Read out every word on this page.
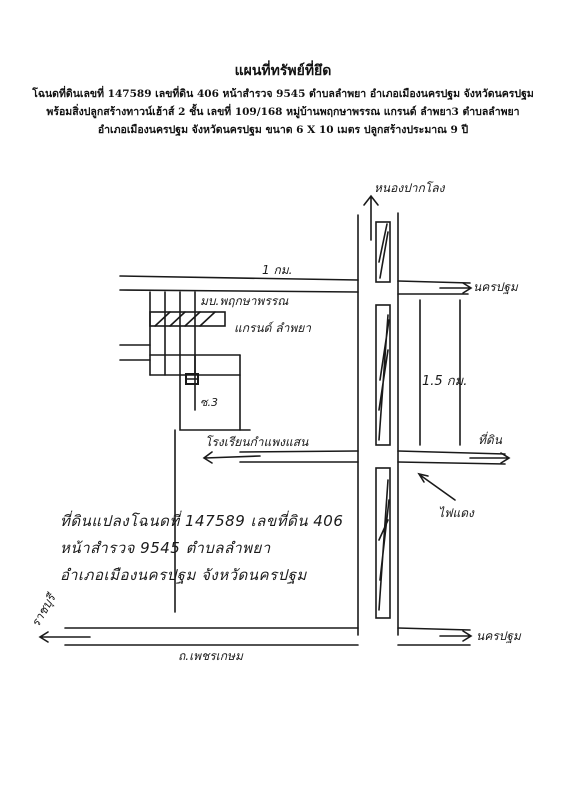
แผนที่ทรัพย์ที่ยึด
โฉนดที่ดินเลขที่ 147589 เลขที่ดิน 406 หน้าสำรวจ 9545 ตำบลลำพยา อำเภอเมืองนครปฐม จังหวัดนครปฐม
พร้อมสิ่งปลูกสร้างทาวน์เฮ้าส์ 2 ชั้น เลขที่ 109/168 หมู่บ้านพฤกษาพรรณ แกรนด์ ลำพยา3 ตำบลลำพยา
อำเภอเมืองนครปฐม จังหวัดนครปฐม ขนาด 6 X 10 เมตร ปลูกสร้างประมาณ 9 ปี
หนองปากโลง
1 กม.
นครปฐม
มบ.พฤกษาพรรณ
แกรนด์ ลำพยา
ซ.3
1.5 กม.
โรงเรียนกำแพงแสน	ที่ดิน
ไฟแดง
ราชบุรี
ถ.เพชรเกษม
นครปฐม
ที่ดินแปลงโฉนดที่ 147589 เลขที่ดิน 406
หน้าสำรวจ 9545 ตำบลลำพยา
อำเภอเมืองนครปฐม จังหวัดนครปฐม
